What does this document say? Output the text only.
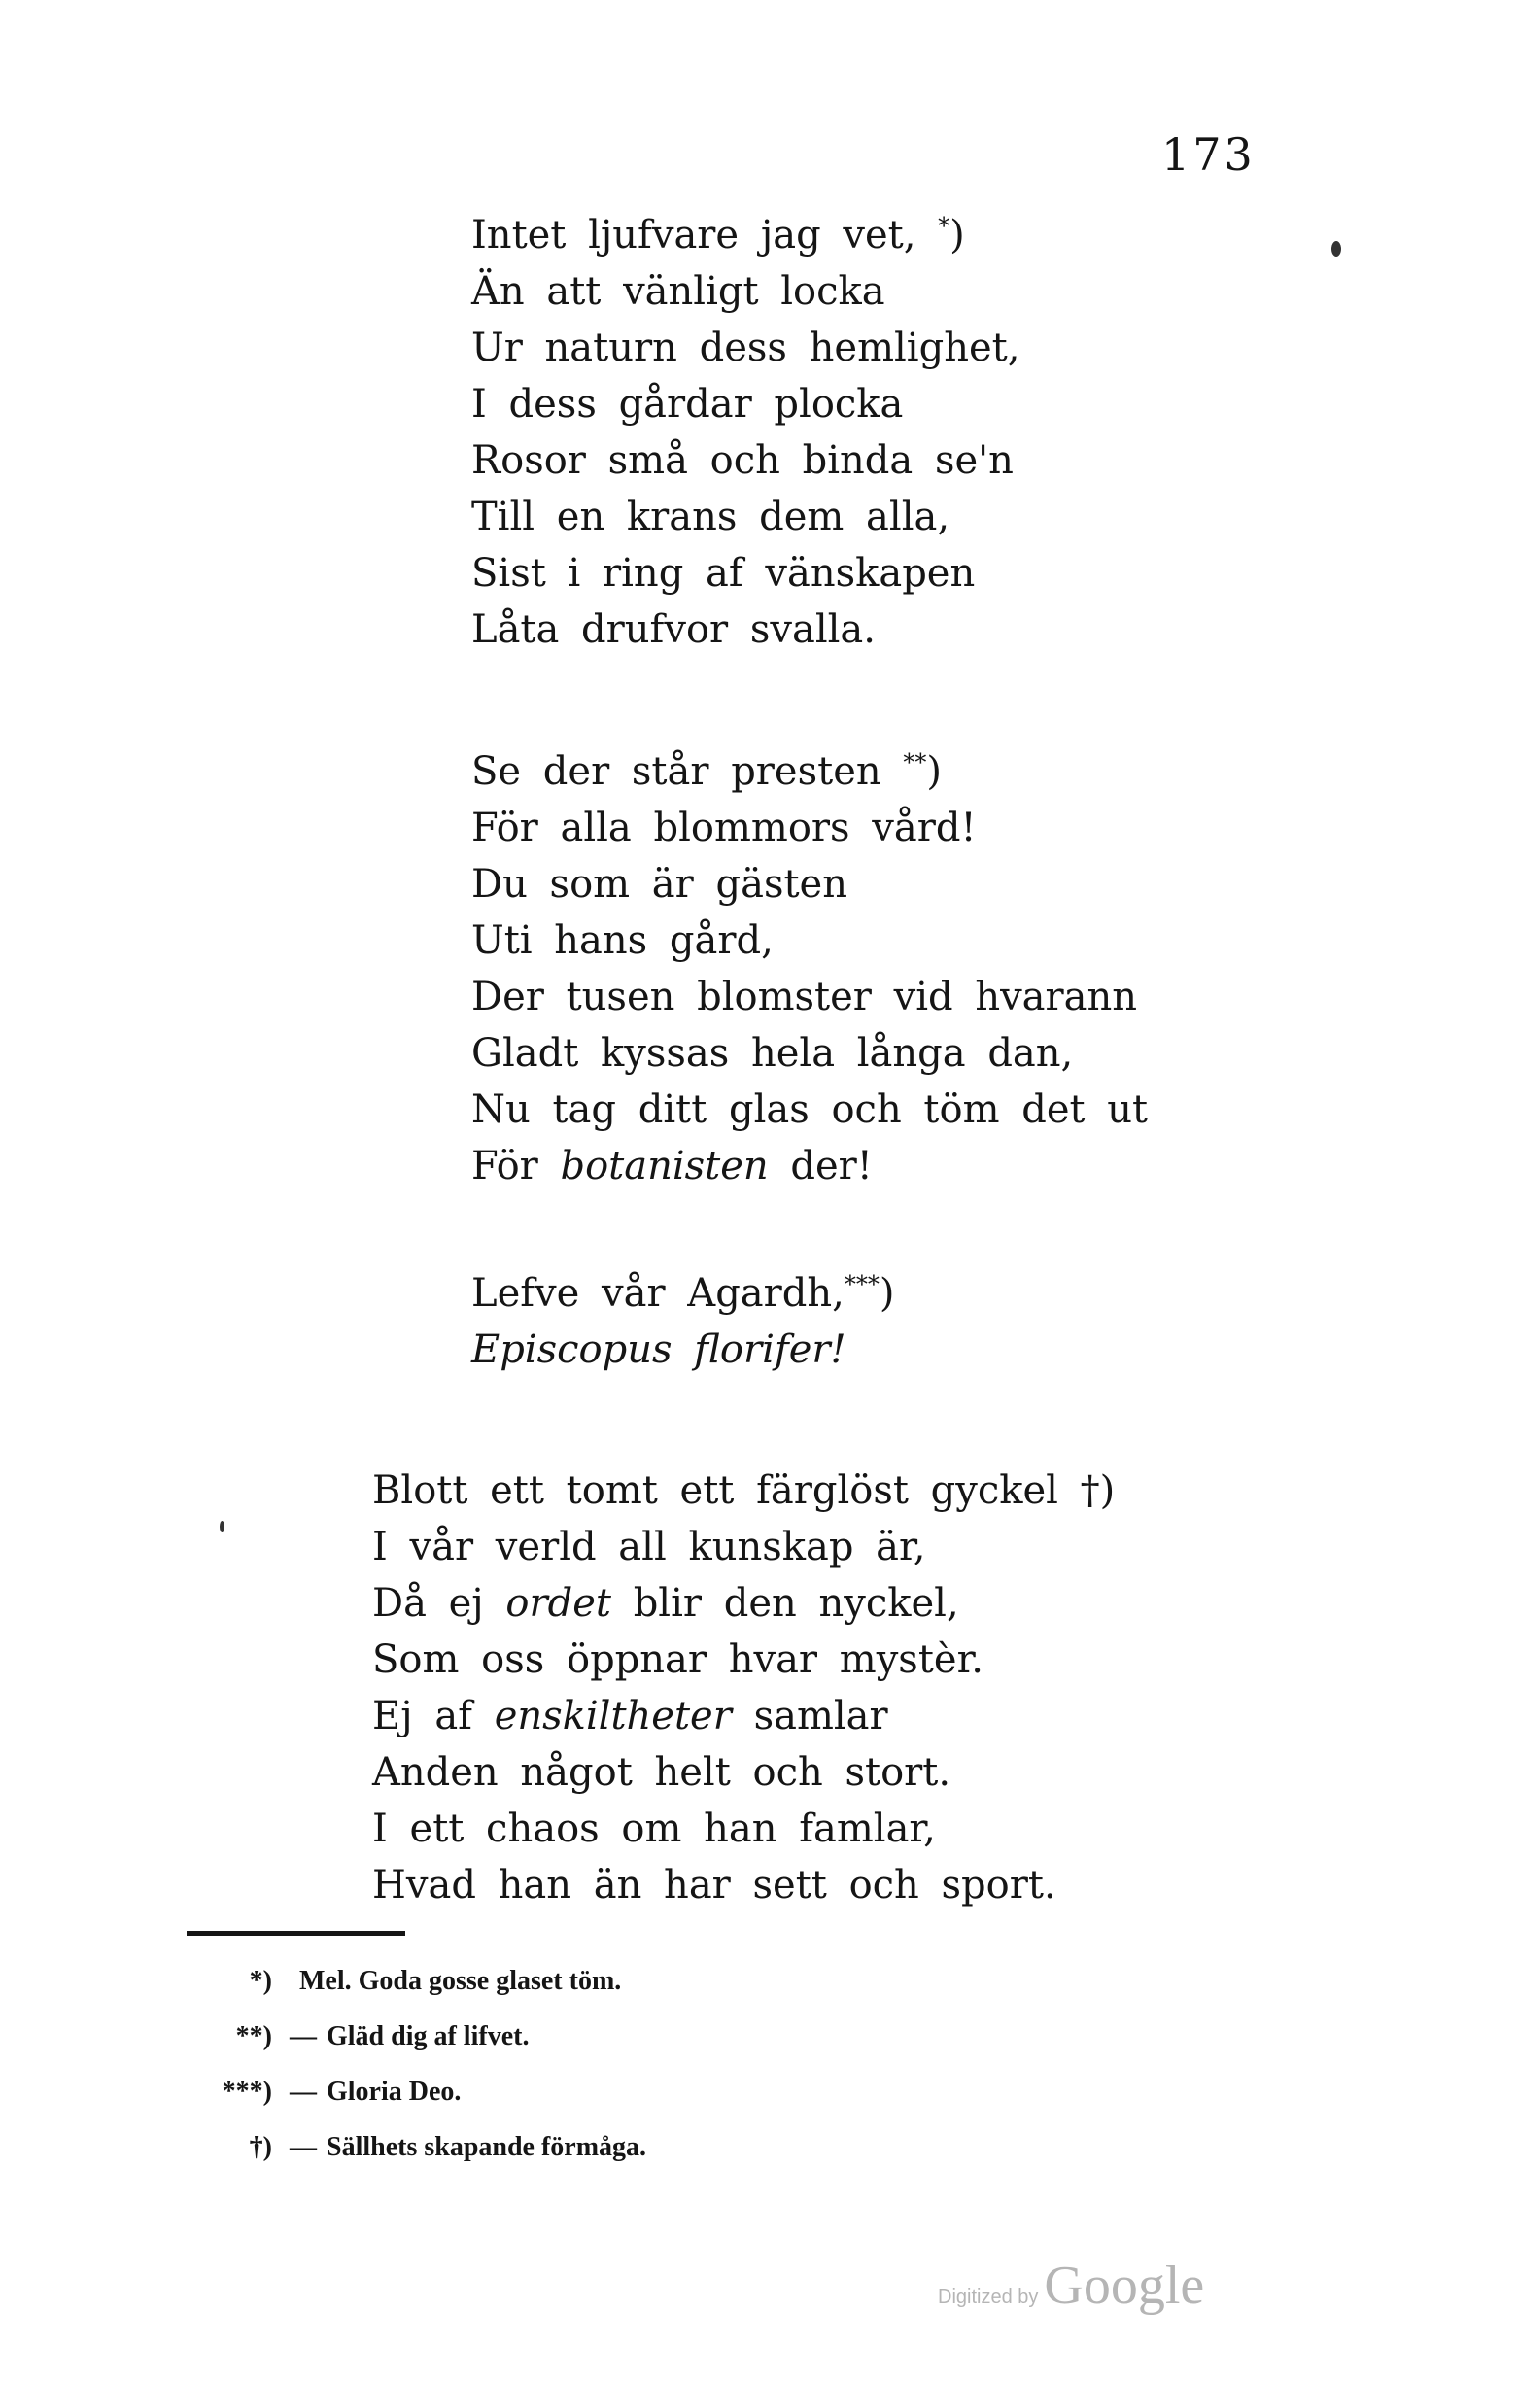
173
Intet ljufvare jag vet, *)
Än att vänligt locka
Ur naturn dess hemlighet,
I dess gårdar plocka
Rosor små och binda se'n
Till en krans dem alla,
Sist i ring af vänskapen
Låta drufvor svalla.
Se der står presten **)
För alla blommors vård!
Du som är gästen
Uti hans gård,
Der tusen blomster vid hvarann
Gladt kyssas hela långa dan,
Nu tag ditt glas och töm det ut
För botanisten der!
Lefve vår Agardh,***)
Episcopus florifer!
Blott ett tomt ett färglöst gyckel †)
I vår verld all kunskap är,
Då ej ordet blir den nyckel,
Som oss öppnar hvar mystèr.
Ej af enskiltheter samlar
Anden något helt och stort.
I ett chaos om han famlar,
Hvad han än har sett och sport.
*) Mel. Goda gosse glaset töm.
**) — Gläd dig af lifvet.
***) — Gloria Deo.
†) — Sällhets skapande förmåga.
Digitized by Google
